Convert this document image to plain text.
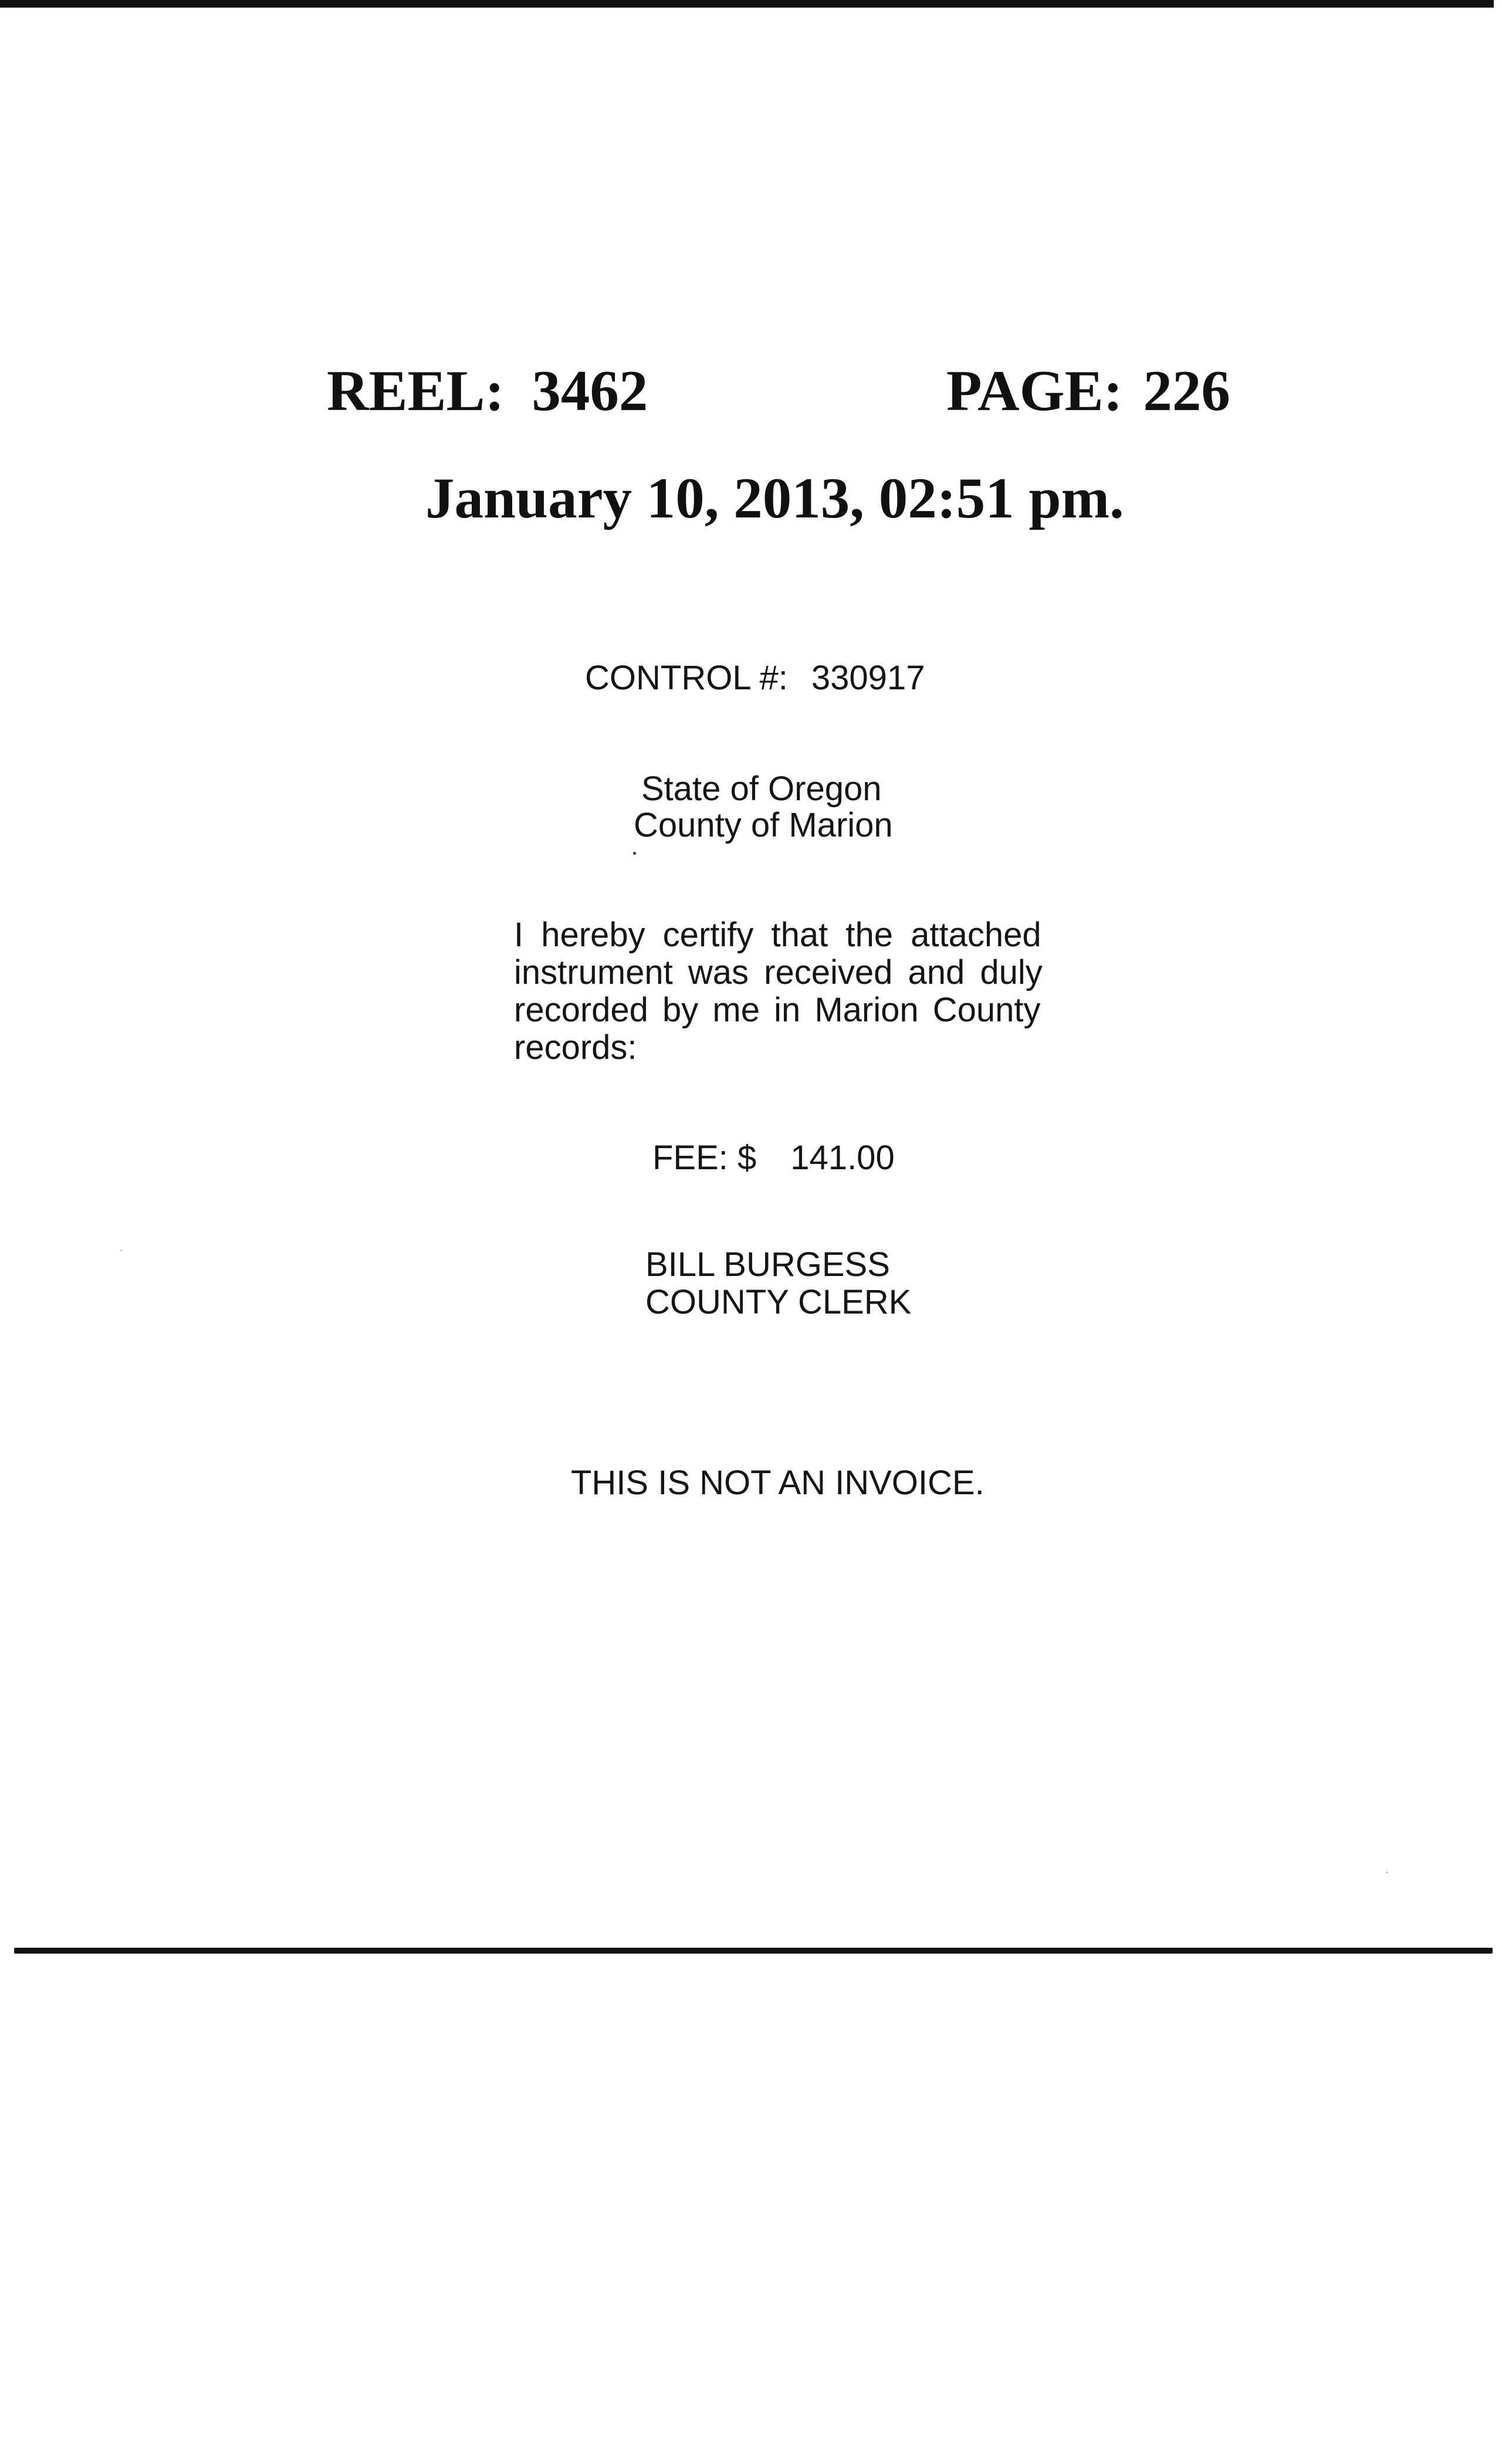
REEL: 3462	PAGE: 226
January 10, 2013, 02:51 pm.
CONTROL #: 330917
State of Oregon
County of Marion
I hereby certify that the attached
instrument was received and duly
recorded by me in Marion County
records:
FEE: $ 141.00
BILL BURGESS
COUNTY CLERK
THIS IS NOT AN INVOICE.
